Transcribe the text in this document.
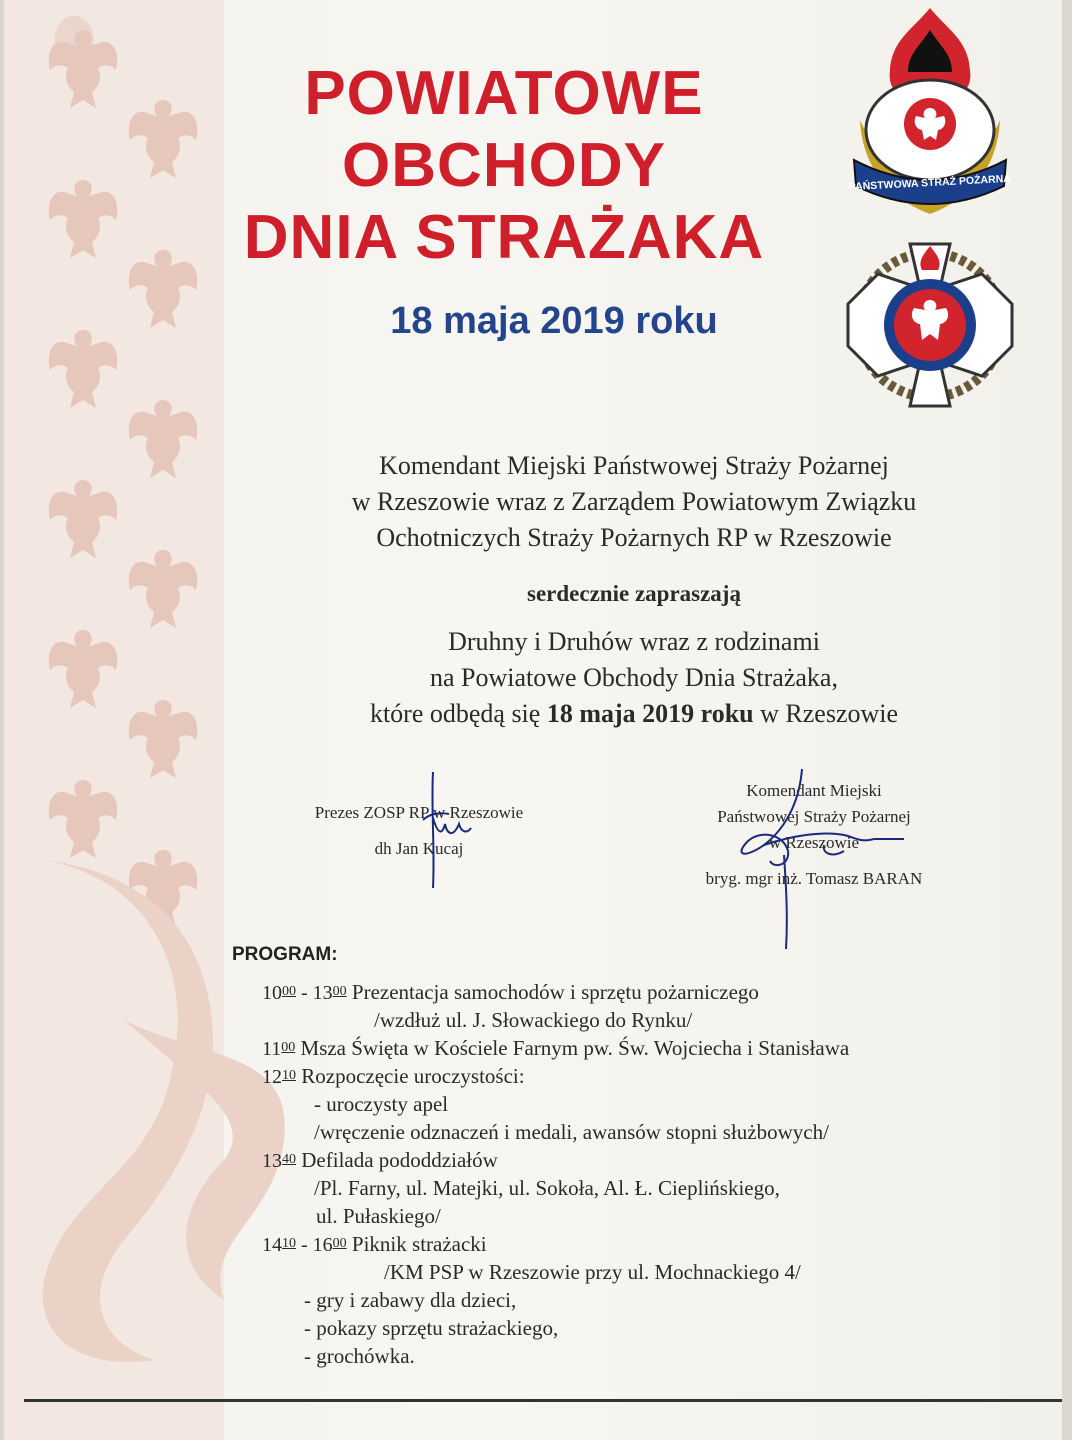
POWIATOWE
OBCHODY
DNIA STRAŻAKA
18 maja 2019 roku
PAŃSTWOWA STRAŻ POŻARNA
Komendant Miejski Państwowej Straży Pożarnej
w Rzeszowie wraz z Zarządem Powiatowym Związku
Ochotniczych Straży Pożarnych RP w Rzeszowie
serdecznie zapraszają
Druhny i Druhów wraz z rodzinami
na Powiatowe Obchody Dnia Strażaka,
które odbędą się 18 maja 2019 roku w Rzeszowie
Prezes ZOSP RP w Rzeszowie
dh Jan Kucaj
Komendant Miejski
Państwowej Straży Pożarnej
w Rzeszowie
bryg. mgr inż. Tomasz BARAN
PROGRAM:
$10^{00} - 13^{00}$ Prezentacja samochodów i sprzętu pożarniczego
/wzdłuż ul. J. Słowackiego do Rynku/
$11^{00}$ Msza Święta w Kościele Farnym pw. Św. Wojciecha i Stanisława
$12^{10}$ Rozpoczęcie uroczystości:
- uroczysty apel
/wręczenie odznaczeń i medali, awansów stopni służbowych/
$13^{40}$ Defilada pododdziałów
/Pl. Farny, ul. Matejki, ul. Sokoła, Al. Ł. Cieplińskiego,
ul. Pułaskiego/
$14^{10} - 16^{00}$ Piknik strażacki
/KM PSP w Rzeszowie przy ul. Mochnackiego 4/
- gry i zabawy dla dzieci,
- pokazy sprzętu strażackiego,
- grochówka.
